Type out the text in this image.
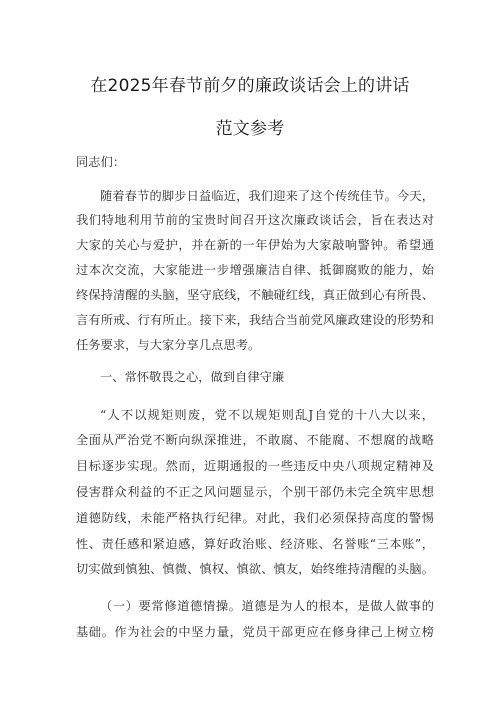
在2025年春节前夕的廉政谈话会上的讲话
范文参考
同志们：
随着春节的脚步日益临近，我们迎来了这个传统佳节。今天，
我们特地利用节前的宝贵时间召开这次廉政谈话会，旨在表达对
大家的关心与爱护，并在新的一年伊始为大家敲响警钟。希望通
过本次交流，大家能进一步增强廉洁自律、抵御腐败的能力，始
终保持清醒的头脑，坚守底线，不触碰红线，真正做到心有所畏、
言有所戒、行有所止。接下来，我结合当前党风廉政建设的形势和
任务要求，与大家分享几点思考。
一、常怀敬畏之心，做到自律守廉
“人不以规矩则废，党不以规矩则乱J自党的十八大以来，
全面从严治党不断向纵深推进，不敢腐、不能腐、不想腐的战略
目标逐步实现。然而，近期通报的一些违反中央八项规定精神及
侵害群众利益的不正之风问题显示，个别干部仍未完全筑牢思想
道德防线，未能严格执行纪律。对此，我们必须保持高度的警惕
性、责任感和紧迫感，算好政治账、经济账、名誉账“三本账”，
切实做到慎独、慎微、慎权、慎欲、慎友，始终维持清醒的头脑。
（一）要常修道德情操。道德是为人的根本，是做人做事的
基础。作为社会的中坚力量，党员干部更应在修身律己上树立榜
